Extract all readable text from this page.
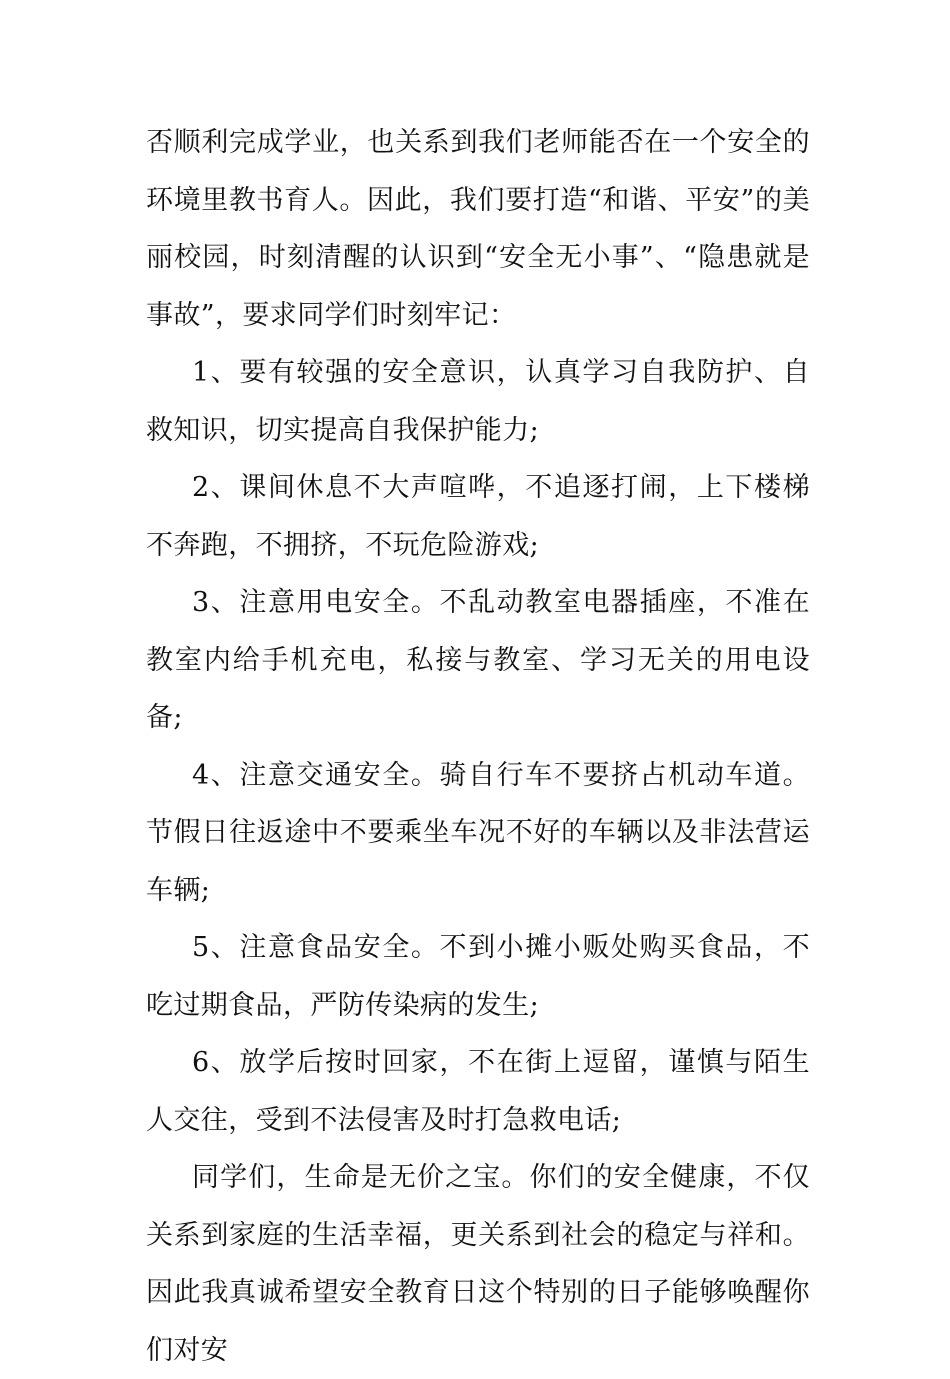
否顺利完成学业，也关系到我们老师能否在一个安全的环境里教书育人。因此，我们要打造“和谐、平安”的美丽校园，时刻清醒的认识到“安全无小事”、“隐患就是事故”，要求同学们时刻牢记：

1、要有较强的安全意识，认真学习自我防护、自救知识，切实提高自我保护能力;

2、课间休息不大声喧哗，不追逐打闹，上下楼梯不奔跑，不拥挤，不玩危险游戏;

3、注意用电安全。不乱动教室电器插座，不准在教室内给手机充电，私接与教室、学习无关的用电设备;

4、注意交通安全。骑自行车不要挤占机动车道。节假日往返途中不要乘坐车况不好的车辆以及非法营运车辆;

5、注意食品安全。不到小摊小贩处购买食品，不吃过期食品，严防传染病的发生;

6、放学后按时回家，不在街上逗留，谨慎与陌生人交往，受到不法侵害及时打急救电话;

同学们，生命是无价之宝。你们的安全健康，不仅关系到家庭的生活幸福，更关系到社会的稳定与祥和。因此我真诚希望安全教育日这个特别的日子能够唤醒你们对安
